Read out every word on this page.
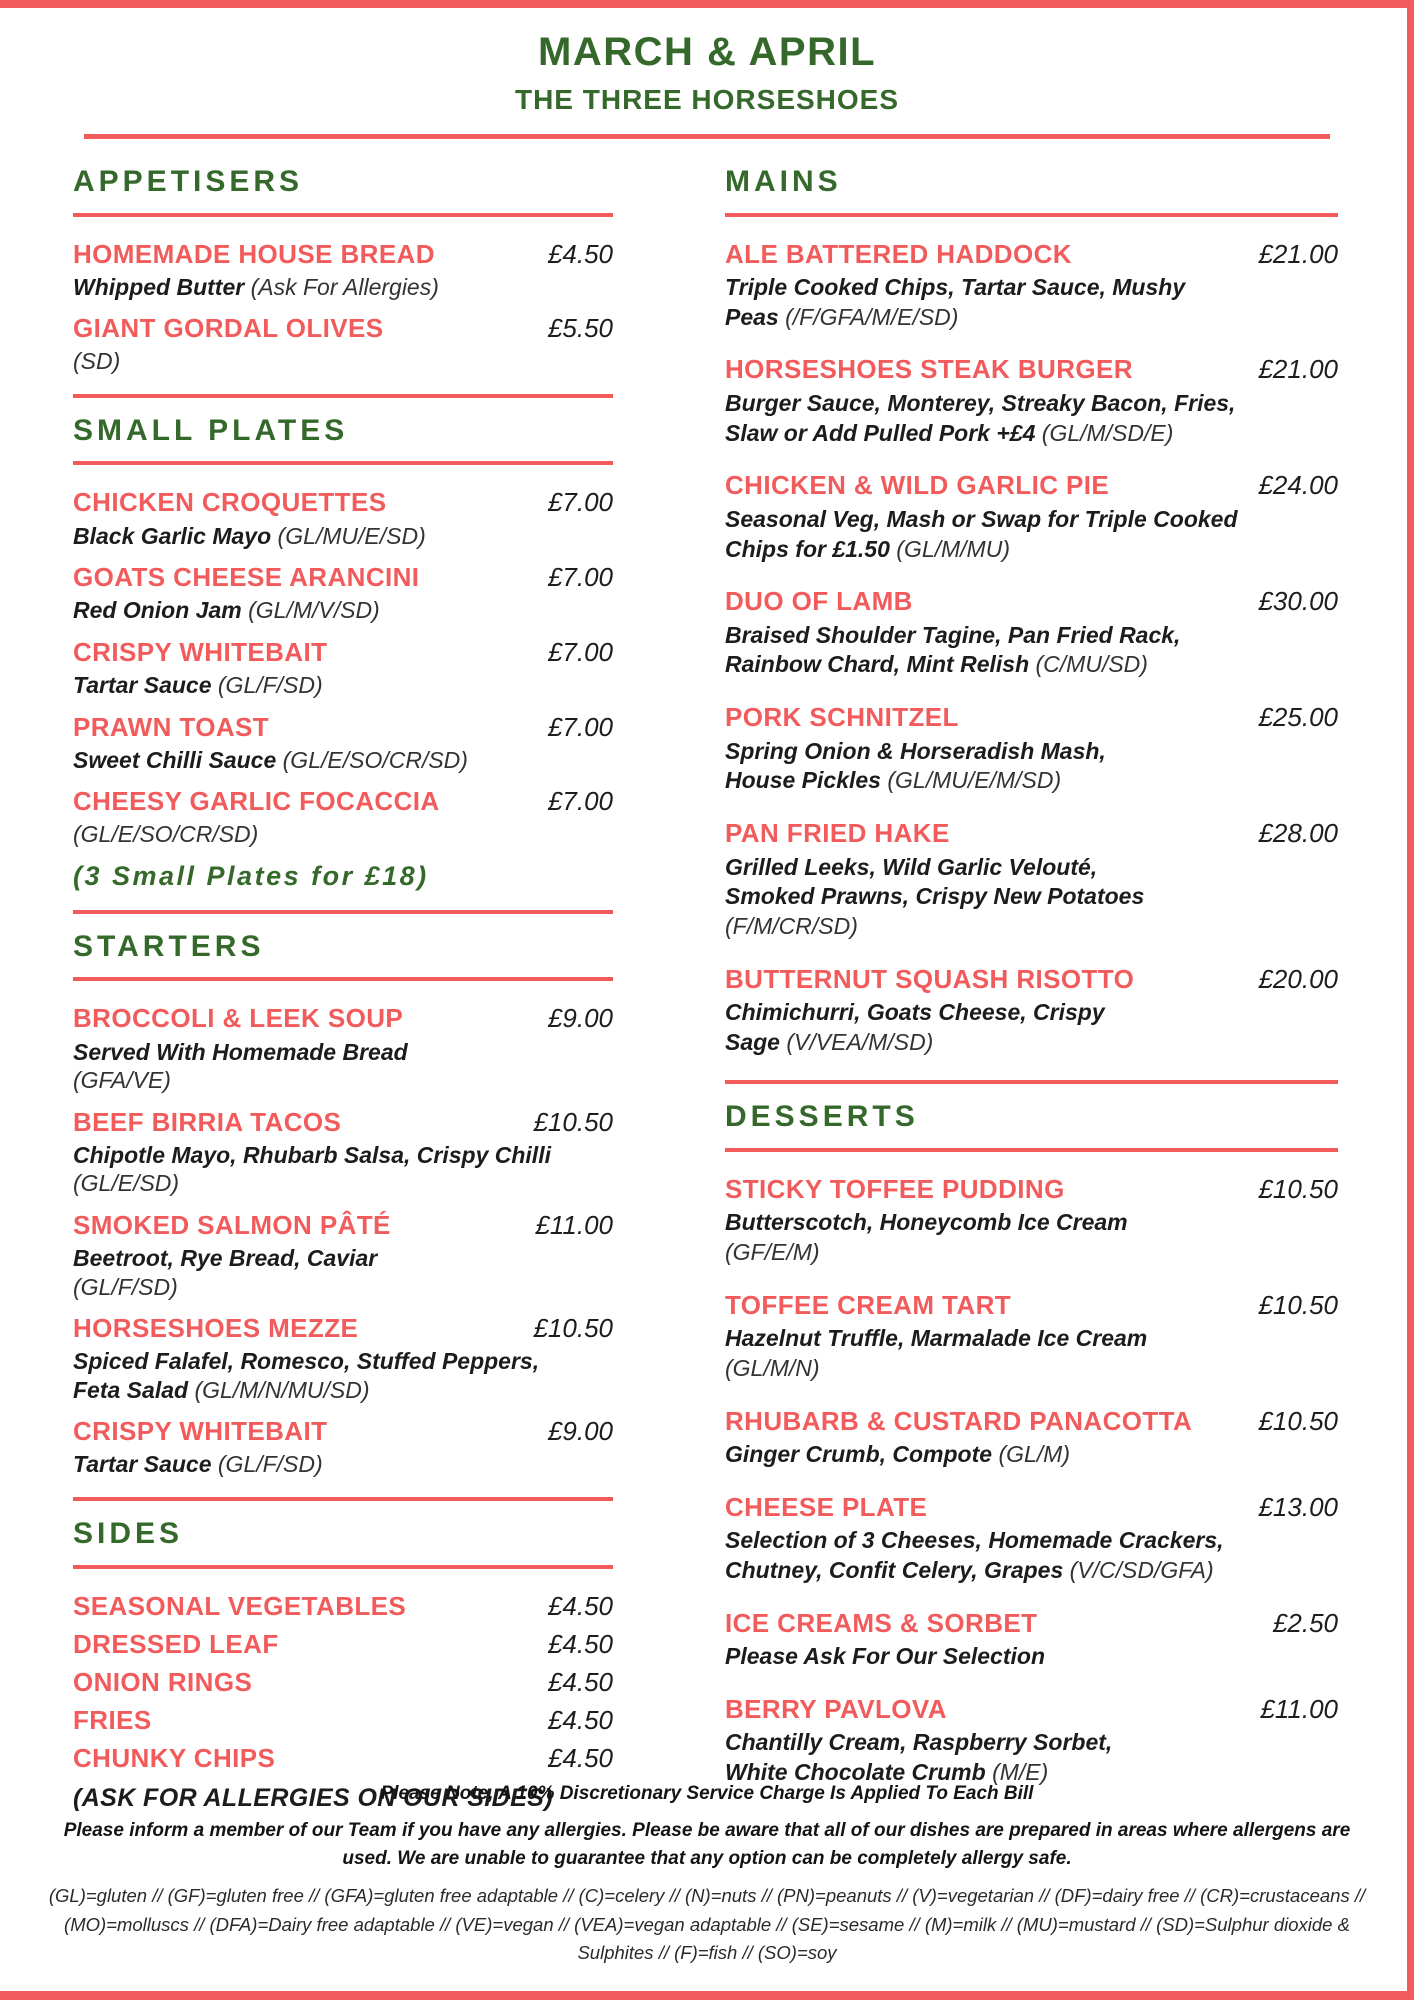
MARCH & APRIL
THE THREE HORSESHOES
APPETISERS
HOMEMADE HOUSE BREAD	£4.50
Whipped Butter (Ask For Allergies)
GIANT GORDAL OLIVES	£5.50
(SD)
SMALL PLATES
CHICKEN CROQUETTES	£7.00
Black Garlic Mayo (GL/MU/E/SD)
GOATS CHEESE ARANCINI	£7.00
Red Onion Jam (GL/M/V/SD)
CRISPY WHITEBAIT	£7.00
Tartar Sauce (GL/F/SD)
PRAWN TOAST	£7.00
Sweet Chilli Sauce (GL/E/SO/CR/SD)
CHEESY GARLIC FOCACCIA	£7.00
(GL/E/SO/CR/SD)
(3 Small Plates for £18)
STARTERS
BROCCOLI & LEEK SOUP	£9.00
Served With Homemade Bread
(GFA/VE)
BEEF BIRRIA TACOS	£10.50
Chipotle Mayo, Rhubarb Salsa, Crispy Chilli
(GL/E/SD)
SMOKED SALMON PÂTÉ	£11.00
Beetroot, Rye Bread, Caviar
(GL/F/SD)
HORSESHOES MEZZE	£10.50
Spiced Falafel, Romesco, Stuffed Peppers,
Feta Salad (GL/M/N/MU/SD)
CRISPY WHITEBAIT	£9.00
Tartar Sauce (GL/F/SD)
SIDES
SEASONAL VEGETABLES	£4.50
DRESSED LEAF	£4.50
ONION RINGS	£4.50
FRIES	£4.50
CHUNKY CHIPS	£4.50
(ASK FOR ALLERGIES ON OUR SIDES)
MAINS
ALE BATTERED HADDOCK	£21.00
Triple Cooked Chips, Tartar Sauce, Mushy
Peas (/F/GFA/M/E/SD)
HORSESHOES STEAK BURGER	£21.00
Burger Sauce, Monterey, Streaky Bacon, Fries,
Slaw or Add Pulled Pork +£4 (GL/M/SD/E)
CHICKEN & WILD GARLIC PIE	£24.00
Seasonal Veg, Mash or Swap for Triple Cooked
Chips for £1.50 (GL/M/MU)
DUO OF LAMB	£30.00
Braised Shoulder Tagine, Pan Fried Rack,
Rainbow Chard, Mint Relish (C/MU/SD)
PORK SCHNITZEL	£25.00
Spring Onion & Horseradish Mash,
House Pickles (GL/MU/E/M/SD)
PAN FRIED HAKE	£28.00
Grilled Leeks, Wild Garlic Velouté,
Smoked Prawns, Crispy New Potatoes
(F/M/CR/SD)
BUTTERNUT SQUASH RISOTTO	£20.00
Chimichurri, Goats Cheese, Crispy
Sage (V/VEA/M/SD)
DESSERTS
STICKY TOFFEE PUDDING	£10.50
Butterscotch, Honeycomb Ice Cream
(GF/E/M)
TOFFEE CREAM TART	£10.50
Hazelnut Truffle, Marmalade Ice Cream
(GL/M/N)
RHUBARB & CUSTARD PANACOTTA	£10.50
Ginger Crumb, Compote (GL/M)
CHEESE PLATE	£13.00
Selection of 3 Cheeses, Homemade Crackers,
Chutney, Confit Celery, Grapes (V/C/SD/GFA)
ICE CREAMS & SORBET	£2.50
Please Ask For Our Selection
BERRY PAVLOVA	£11.00
Chantilly Cream, Raspberry Sorbet,
White Chocolate Crumb (M/E)
Please Note, A 10% Discretionary Service Charge Is Applied To Each Bill
Please inform a member of our Team if you have any allergies. Please be aware that all of our dishes are prepared in areas where allergens are used. We are unable to guarantee that any option can be completely allergy safe.
(GL)=gluten // (GF)=gluten free // (GFA)=gluten free adaptable // (C)=celery // (N)=nuts // (PN)=peanuts // (V)=vegetarian // (DF)=dairy free // (CR)=crustaceans // (MO)=molluscs // (DFA)=Dairy free adaptable // (VE)=vegan // (VEA)=vegan adaptable // (SE)=sesame // (M)=milk // (MU)=mustard // (SD)=Sulphur dioxide & Sulphites // (F)=fish // (SO)=soy
